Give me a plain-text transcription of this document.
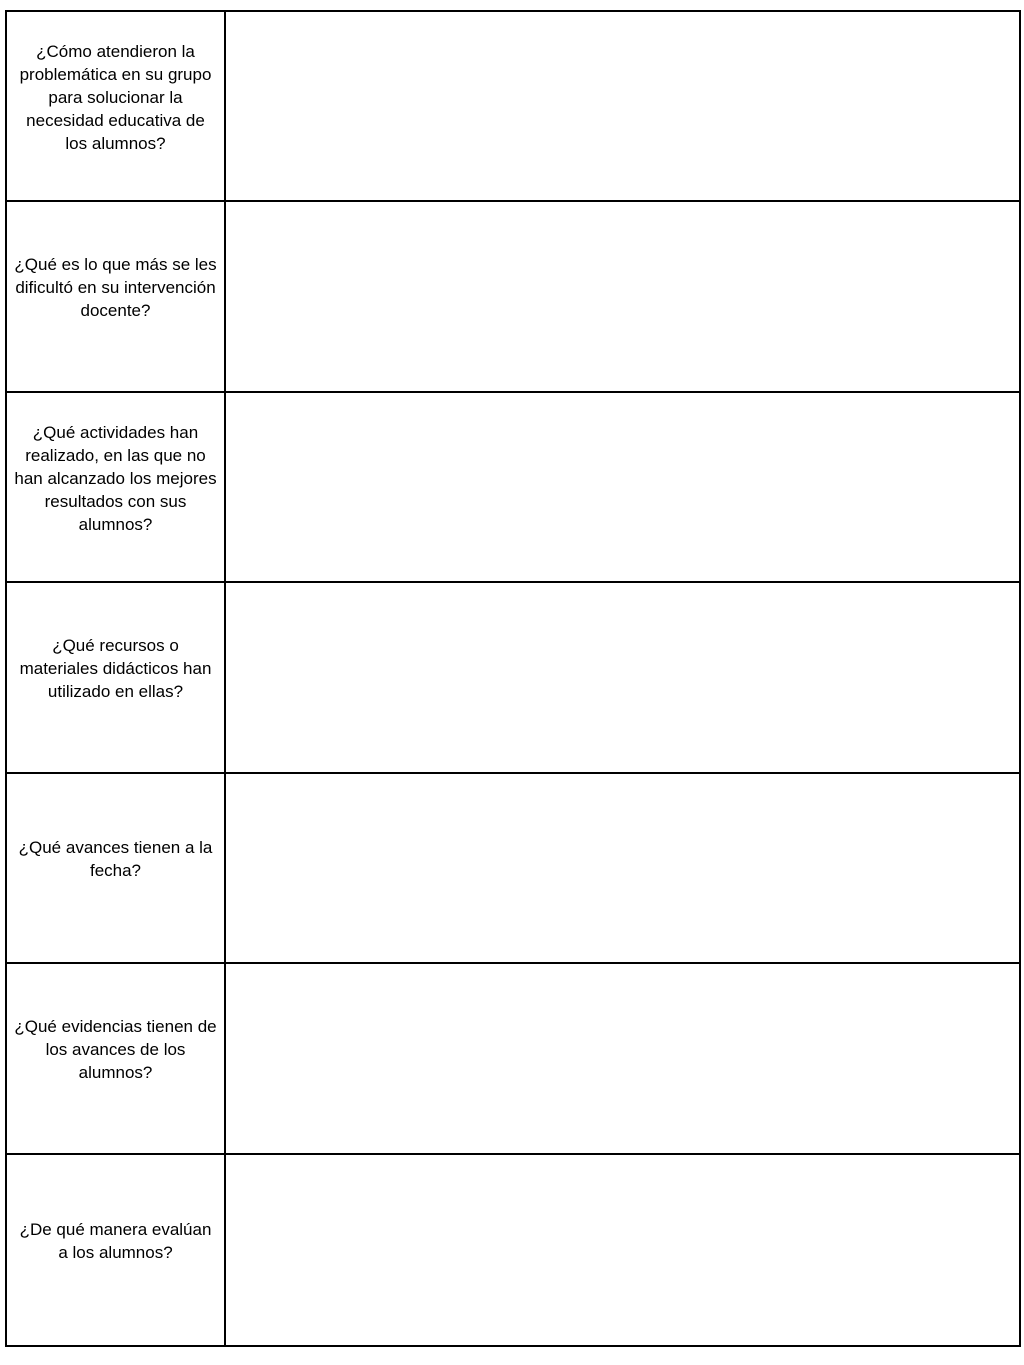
¿Cómo atendieron la problemática en su grupo para solucionar la necesidad educativa de los alumnos?
¿Qué es lo que más se les dificultó en su intervención docente?
¿Qué actividades han realizado, en las que no han alcanzado los mejores resultados con sus alumnos?
¿Qué recursos o materiales didácticos han utilizado en ellas?
¿Qué avances tienen a la fecha?
¿Qué evidencias tienen de los avances de los alumnos?
¿De qué manera evalúan a los alumnos?
